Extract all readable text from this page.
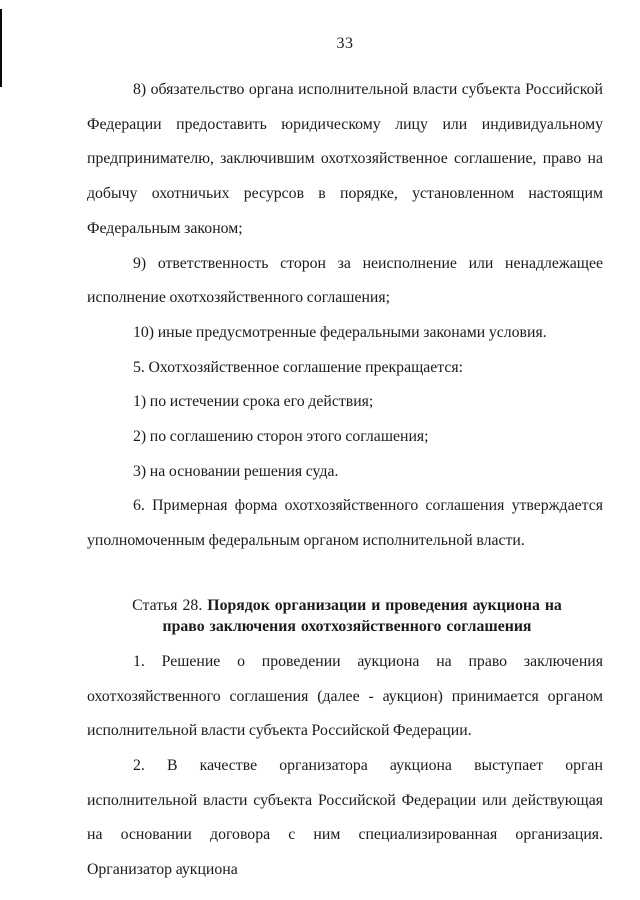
33

8) обязательство органа исполнительной власти субъекта Российской Федерации предоставить юридическому лицу или индивидуальному предпринимателю, заключившим охотхозяйственное соглашение, право на добычу охотничьих ресурсов в порядке, установленном настоящим Федеральным законом;

9) ответственность сторон за неисполнение или ненадлежащее исполнение охотхозяйственного соглашения;

10) иные предусмотренные федеральными законами условия.

5. Охотхозяйственное соглашение прекращается:

1) по истечении срока его действия;

2) по соглашению сторон этого соглашения;

3) на основании решения суда.

6. Примерная форма охотхозяйственного соглашения утверждается уполномоченным федеральным органом исполнительной власти.

Статья 28. Порядок организации и проведения аукциона на право заключения охотхозяйственного соглашения

1. Решение о проведении аукциона на право заключения охотхозяйственного соглашения (далее - аукцион) принимается органом исполнительной власти субъекта Российской Федерации.

2. В качестве организатора аукциона выступает орган исполнительной власти субъекта Российской Федерации или действующая на основании договора с ним специализированная организация. Организатор аукциона
